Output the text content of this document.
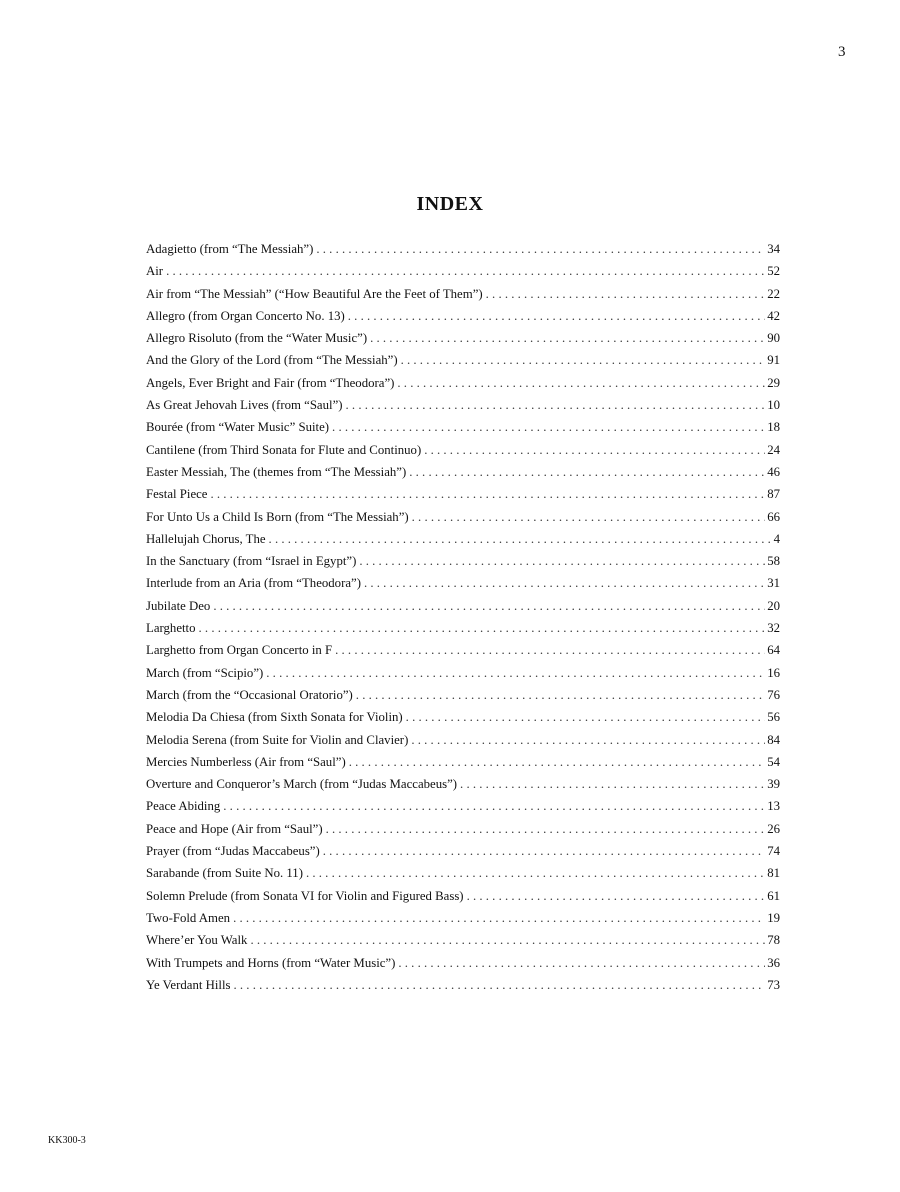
3
INDEX
Adagietto (from “The Messiah”) . . .	34
Air . . .	52
Air from “The Messiah” (“How Beautiful Are the Feet of Them”) . . .	22
Allegro (from Organ Concerto No. 13) . . .	42
Allegro Risoluto (from the “Water Music”) . . .	90
And the Glory of the Lord (from “The Messiah”) . . .	91
Angels, Ever Bright and Fair (from “Theodora”) . . .	29
As Great Jehovah Lives (from “Saul”) . . .	10
Bourée (from “Water Music” Suite) . . .	18
Cantilene (from Third Sonata for Flute and Continuo) . . .	24
Easter Messiah, The (themes from “The Messiah”) . . .	46
Festal Piece . . .	87
For Unto Us a Child Is Born (from “The Messiah”) . . .	66
Hallelujah Chorus, The . . .	4
In the Sanctuary (from “Israel in Egypt”) . . .	58
Interlude from an Aria (from “Theodora”) . . .	31
Jubilate Deo . . .	20
Larghetto . . .	32
Larghetto from Organ Concerto in F . . .	64
March (from “Scipio”) . . .	16
March (from the “Occasional Oratorio”) . . .	76
Melodia Da Chiesa (from Sixth Sonata for Violin) . . .	56
Melodia Serena (from Suite for Violin and Clavier) . . .	84
Mercies Numberless (Air from “Saul”) . . .	54
Overture and Conqueror’s March (from “Judas Maccabeus”) . . .	39
Peace Abiding . . .	13
Peace and Hope (Air from “Saul”) . . .	26
Prayer (from “Judas Maccabeus”) . . .	74
Sarabande (from Suite No. 11) . . .	81
Solemn Prelude (from Sonata VI for Violin and Figured Bass) . . .	61
Two-Fold Amen . . .	19
Where’er You Walk . . .	78
With Trumpets and Horns (from “Water Music”) . . .	36
Ye Verdant Hills . . .	73
KK300-3
